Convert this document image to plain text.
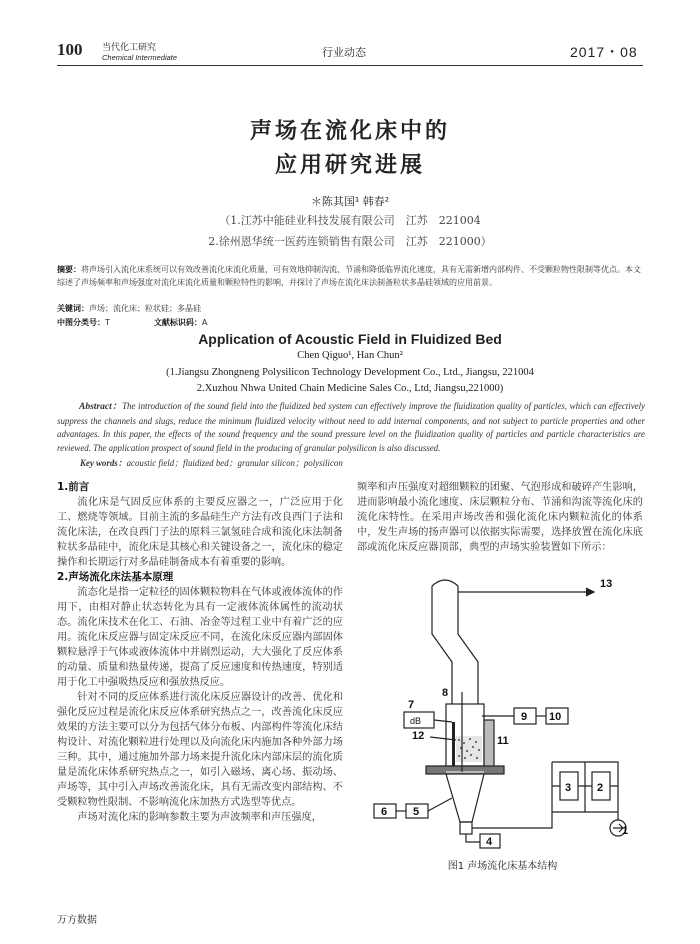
100 当代化工研究
Chemical Intermediate	行业动态	2017・08
声场在流化床中的
应用研究进展
＊陈其国¹ 韩春²
（1.江苏中能硅业科技发展有限公司　江苏　221004
2.徐州恩华统一医药连锁销售有限公司　江苏　221000）
摘要：将声场引入流化床系统可以有效改善流化床流化质量，可有效地抑制沟流、节涌和降低临界流化速度，具有无需新增内部构件、不受颗粒物性限制等优点。本文综述了声场频率和声场强度对流化床流化质量和颗粒特性的影响，并探讨了声场在流化床法制备粒状多晶硅领域的应用前景。
关键词：声场；流化床；粒状硅；多晶硅
中图分类号：T	文献标识码：A
Application of Acoustic Field in Fluidized Bed
Chen Qiguo¹, Han Chun²
(1.Jiangsu Zhongneng Polysilicon Technology Development Co., Ltd., Jiangsu, 221004
2.Xuzhou Nhwa United Chain Medicine Sales Co., Ltd, Jiangsu,221000)
Abstract：The introduction of the sound field into the fluidized bed system can effectively improve the fluidization quality of particles, which can effectively suppress the channels and slugs, reduce the minimum fluidized velocity without need to add internal components, and not subject to particle properties and other advantages. In this paper, the effects of the sound frequency and the sound pressure level on the fluidization quality of particles and particle characteristics are reviewed. The application prospect of sound field in the producing of granular polysilicon is also discussed.
Key words：acoustic field；fluidized bed；granular silicon；polysilicon
1.前言

流化床是气固反应体系的主要反应器之一，广泛应用于化工、燃烧等领域。目前主流的多晶硅生产方法有改良西门子法和流化床法，在改良西门子法的原料三氯氢硅合成和流化床法制备粒状多晶硅中，流化床是其核心和关键设备之一，流化床的稳定操作和长期运行对多晶硅制备成本有着重要的影响。

2.声场流化床法基本原理

流态化是指一定粒径的固体颗粒物料在气体或液体流体的作用下，由相对静止状态转化为具有一定液体流体属性的流动状态。流化床技术在化工、石油、冶金等过程工业中有着广泛的应用。流化床反应器与固定床反应不同，在流化床反应器内部固体颗粒悬浮于气体或液体流体中并剧烈运动，大大强化了反应体系的动量、质量和热量传递，提高了反应速度和传热速度，特别适用于化工中强吸热反应和强放热反应。

针对不同的反应体系进行流化床反应器设计的改善、优化和强化反应过程是流化床反应体系研究热点之一，改善流化床反应效果的方法主要可以分为包括气体分布板、内部构件等流化床结构设计、对流化颗粒进行处理以及向流化床内施加各种外部力场三种。其中，通过施加外部力场来提升流化床内部床层的流化质量是流化床体系研究热点之一，如引入磁场、离心场、振动场、声场等，其中引入声场改善流化床，具有无需改变内部结构、不受颗粒物性限制、不影响流化床加热方式选型等优点。

声场对流化床的影响参数主要为声波频率和声压强度，

频率和声压强度对超细颗粒的团聚、气泡形成和破碎产生影响，进而影响最小流化速度、床层颗粒分布、节涌和沟流等流化床的流化床特性。在采用声场改善和强化流化床内颗粒流化的体系中，发生声场的扬声器可以依据实际需要，选择放置在流化床底部或流化床反应器顶部，典型的声场实验装置如下所示：

1
2
3
4
5
6
7
8
9 10
11
12
13
dB
图1 声场流化床基本结构
万方数据
